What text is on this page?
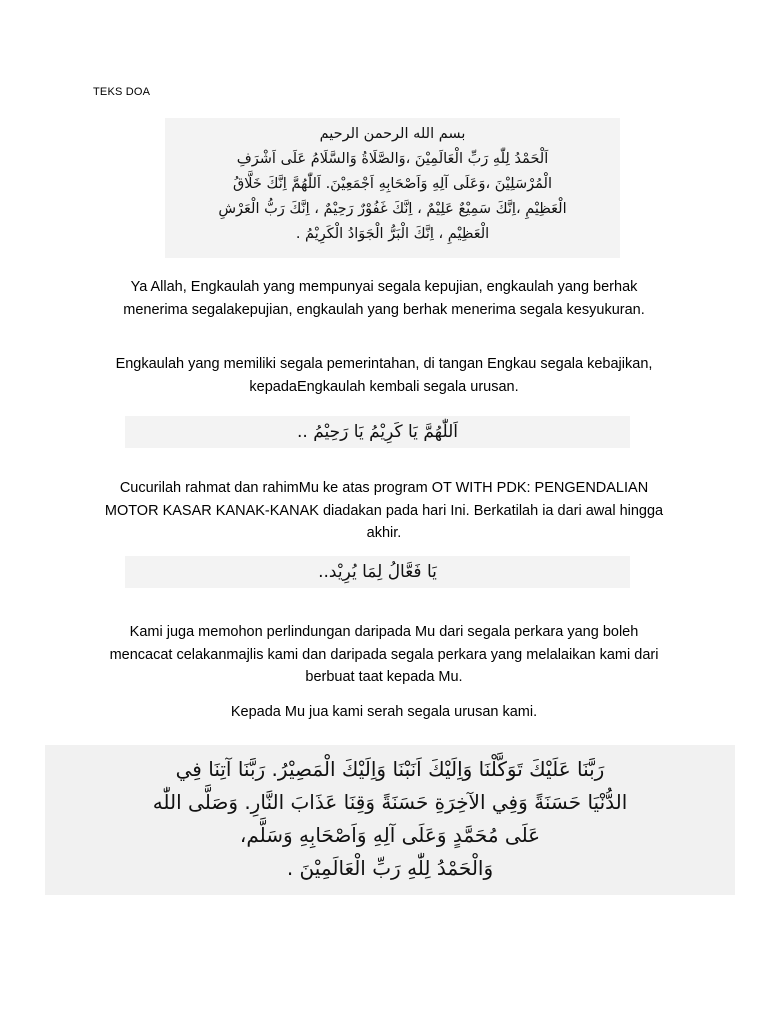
TEKS DOA
بسم الله الرحمن الرحيم
اَلْحَمْدُ لِلّٰهِ رَبِّ الْعَالَمِيْنَ ،وَالصَّلَاةُ وَالسَّلَامُ عَلَى اَشْرَفِ
الْمُرْسَلِيْنَ ،وَعَلَى آلِهِ وَاَصْحَابِهِ اَجْمَعِيْنَ. اَللّٰهُمَّ اِنَّكَ خَلَّاقُ
الْعَظِيْمِ ،اِنَّكَ سَمِيْعٌ عَلِيْمٌ ، اِنَّكَ غَفُوْرٌ رَحِيْمٌ ، اِنَّكَ رَبُّ الْعَرْشِ
الْعَظِيْمِ ، اِنَّكَ الْبَرُّ الْجَوَادُ الْكَرِيْمُ .

Ya Allah, Engkaulah yang mempunyai segala kepujian, engkaulah yang berhak menerima segalakepujian, engkaulah yang berhak menerima segala kesyukuran.

Engkaulah yang memiliki segala pemerintahan, di tangan Engkau segala kebajikan, kepadaEngkaulah kembali segala urusan.

اَللّٰهُمَّ يَا كَرِيْمُ يَا رَحِيْمُ ..

Cucurilah rahmat dan rahimMu ke atas program OT WITH PDK: PENGENDALIAN MOTOR KASAR KANAK-KANAK diadakan pada hari Ini. Berkatilah ia dari awal hingga akhir.

يَا فَعَّالُ لِمَا يُرِيْد..

Kami juga memohon perlindungan daripada Mu dari segala perkara yang boleh mencacat celakanmajlis kami dan daripada segala perkara yang melalaikan kami dari berbuat taat kepada Mu.

Kepada Mu jua kami serah segala urusan kami.

رَبَّنَا عَلَيْكَ تَوَكَّلْنَا وَاِلَيْكَ اَنَبْنَا وَاِلَيْكَ الْمَصِيْرُ. رَبَّنَا آتِنَا فِي
الدُّنْيَا حَسَنَةً وَفِي الآخِرَةِ حَسَنَةً وَقِنَا عَذَابَ النَّارِ. وَصَلَّى اللّٰه
عَلَى مُحَمَّدٍ وَعَلَى آلِهِ وَاَصْحَابِهِ وَسَلَّم،
وَالْحَمْدُ لِلّٰهِ رَبِّ الْعَالَمِيْنَ .
